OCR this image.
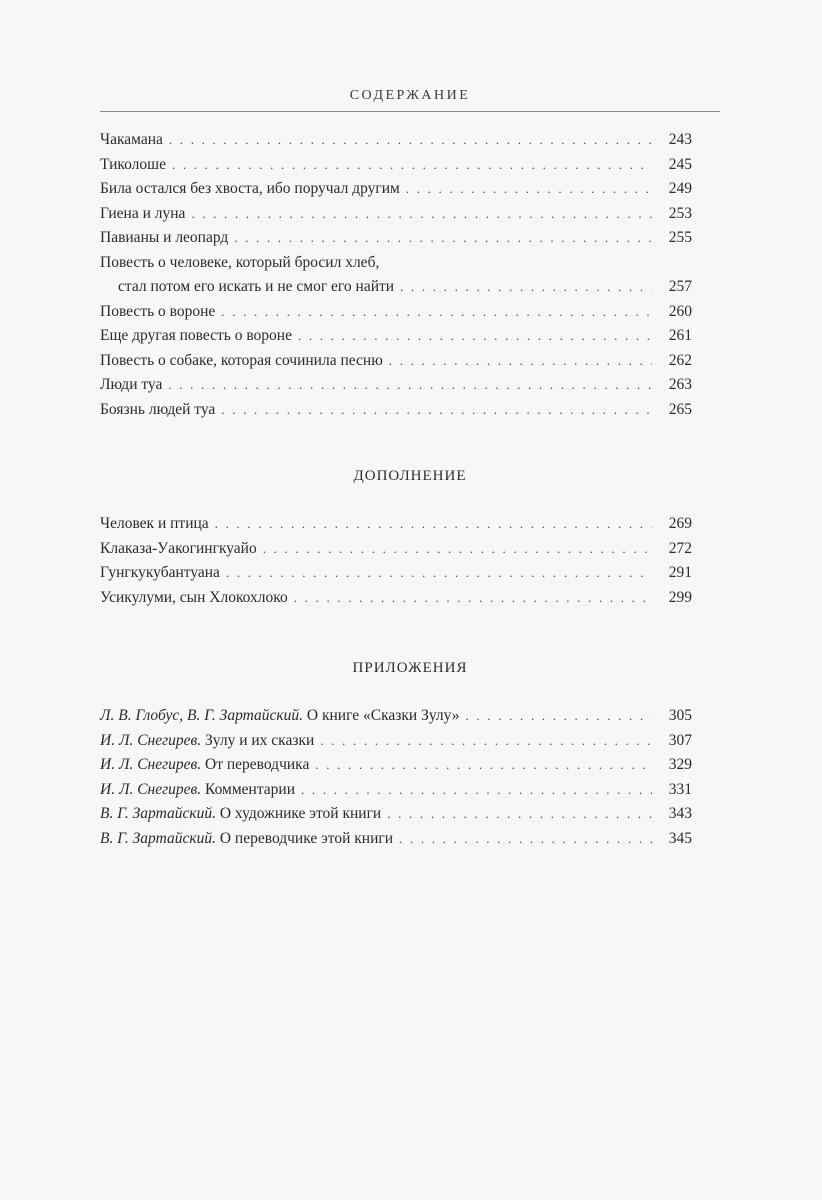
СОДЕРЖАНИЕ
Чакамана . . .	243
Тиколоше . . .	245
Била остался без хвоста, ибо поручал другим . . .	249
Гиена и луна . . .	253
Павианы и леопард . . .	255
Повесть о человеке, который бросил хлеб,
стал потом его искать и не смог его найти . . .	257
Повесть о вороне . . .	260
Еще другая повесть о вороне . . .	261
Повесть о собаке, которая сочинила песню . . .	262
Люди туа . . .	263
Боязнь людей туа . . .	265
ДОПОЛНЕНИЕ
Человек и птица . . .	269
Клаказа-Уакогингкуайо . . .	272
Гунгкукубантуана . . .	291
Усикулуми, сын Хлокохлоко . . .	299
ПРИЛОЖЕНИЯ
Л. В. Глобус, В. Г. Зартайский. О книге «Сказки Зулу» . . .	305
И. Л. Снегирев. Зулу и их сказки . . .	307
И. Л. Снегирев. От переводчика . . .	329
И. Л. Снегирев. Комментарии . . .	331
В. Г. Зартайский. О художнике этой книги . . .	343
В. Г. Зартайский. О переводчике этой книги . . .	345
